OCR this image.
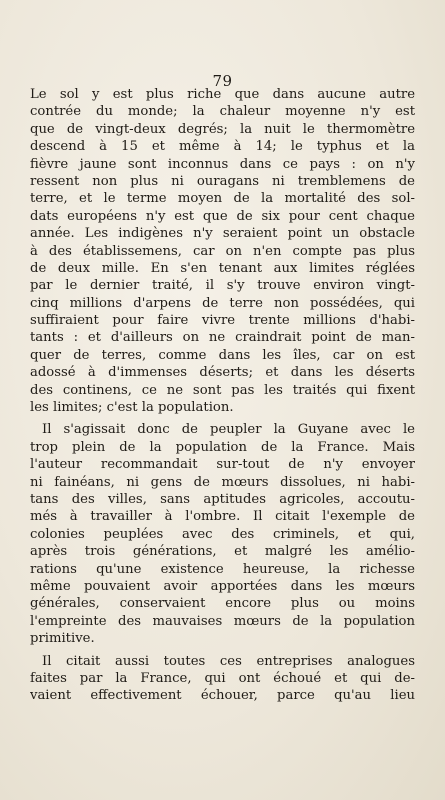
79
Le sol y est plus riche que dans aucune autre
contrée du monde; la chaleur moyenne n'y est
que de vingt-deux degrés; la nuit le thermomètre
descend à 15 et même à 14; le typhus et la
fièvre jaune sont inconnus dans ce pays : on n'y
ressent non plus ni ouragans ni tremblemens de
terre, et le terme moyen de la mortalité des sol-
dats européens n'y est que de six pour cent chaque
année. Les indigènes n'y seraient point un obstacle
à des établissemens, car on n'en compte pas plus
de deux mille. En s'en tenant aux limites réglées
par le dernier traité, il s'y trouve environ vingt-
cinq millions d'arpens de terre non possédées, qui
suffiraient pour faire vivre trente millions d'habi-
tants : et d'ailleurs on ne craindrait point de man-
quer de terres, comme dans les îles, car on est
adossé à d'immenses déserts; et dans les déserts
des continens, ce ne sont pas les traités qui fixent
les limites; c'est la population.
Il s'agissait donc de peupler la Guyane avec le
trop plein de la population de la France. Mais
l'auteur recommandait sur-tout de n'y envoyer
ni fainéans, ni gens de mœurs dissolues, ni habi-
tans des villes, sans aptitudes agricoles, accoutu-
més à travailler à l'ombre. Il citait l'exemple de
colonies peuplées avec des criminels, et qui,
après trois générations, et malgré les amélio-
rations qu'une existence heureuse, la richesse
même pouvaient avoir apportées dans les mœurs
générales, conservaient encore plus ou moins
l'empreinte des mauvaises mœurs de la population
primitive.
Il citait aussi toutes ces entreprises analogues
faites par la France, qui ont échoué et qui de-
vaient effectivement échouer, parce qu'au lieu
